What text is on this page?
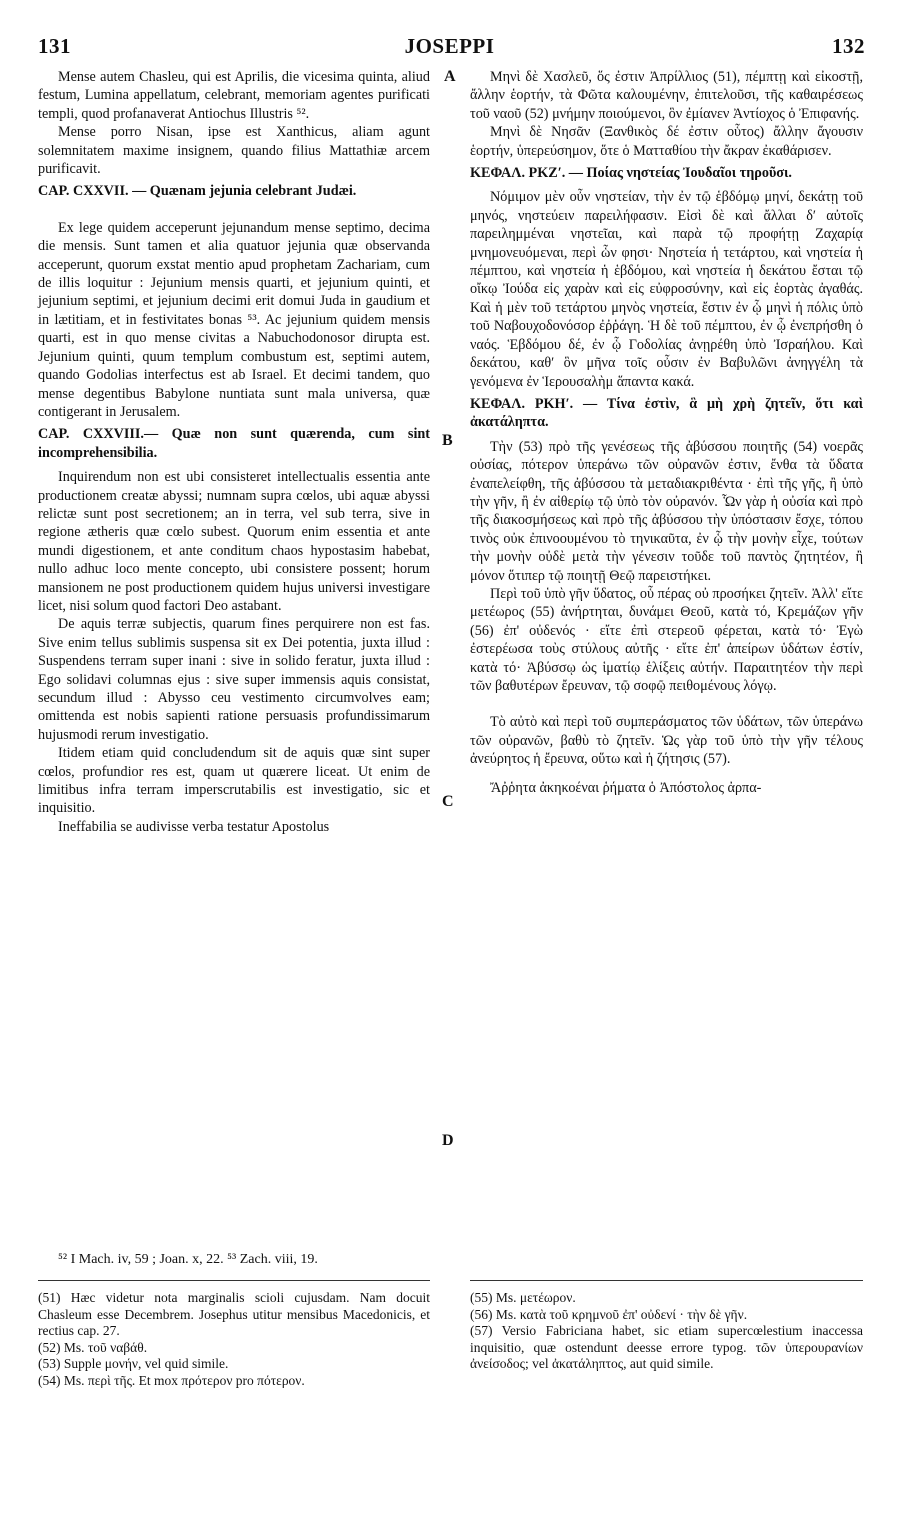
131	JOSEPPI	132
A
B
C
D

Mense autem Chasleu, qui est Aprilis, die vicesima quinta, aliud festum, Lumina appellatum, celebrant, memoriam agentes purificati templi, quod profanaverat Antiochus Illustris ⁵².

Mense porro Nisan, ipse est Xanthicus, aliam agunt solemnitatem maxime insignem, quando filius Mattathiæ arcem purificavit.

CAP. CXXVII. — Quænam jejunia celebrant Judæi.

Ex lege quidem acceperunt jejunandum mense septimo, decima die mensis. Sunt tamen et alia quatuor jejunia quæ observanda acceperunt, quorum exstat mentio apud prophetam Zachariam, cum de illis loquitur : Jejunium mensis quarti, et jejunium quinti, et jejunium septimi, et jejunium decimi erit domui Juda in gaudium et in lætitiam, et in festivitates bonas ⁵³. Ac jejunium quidem mensis quarti, est in quo mense civitas a Nabuchodonosor dirupta est. Jejunium quinti, quum templum combustum est, septimi autem, quando Godolias interfectus est ab Israel. Et decimi tandem, quo mense degentibus Babylone nuntiata sunt mala universa, quæ contigerant in Jerusalem.

CAP. CXXVIII.— Quæ non sunt quærenda, cum sint incomprehensibilia.

Inquirendum non est ubi consisteret intellectualis essentia ante productionem creatæ abyssi; numnam supra cœlos, ubi aquæ abyssi relictæ sunt post secretionem; an in terra, vel sub terra, sive in regione ætheris quæ cœlo subest. Quorum enim essentia et ante mundi digestionem, et ante conditum chaos hypostasim habebat, nullo adhuc loco mente concepto, ubi consistere possent; horum mansionem ne post productionem quidem hujus universi investigare licet, nisi solum quod factori Deo astabant.

De aquis terræ subjectis, quarum fines perquirere non est fas. Sive enim tellus sublimis suspensa sit ex Dei potentia, juxta illud : Suspendens terram super inani : sive in solido feratur, juxta illud : Ego solidavi columnas ejus : sive super immensis aquis consistat, secundum illud : Abysso ceu vestimento circumvolves eam; omittenda est nobis sapienti ratione persuasis profundissimarum hujusmodi rerum investigatio.

Itidem etiam quid concludendum sit de aquis quæ sint super cœlos, profundior res est, quam ut quærere liceat. Ut enim de limitibus infra terram imperscrutabilis est investigatio, sic et inquisitio.

Ineffabilia se audivisse verba testatur Apostolus

⁵² I Mach. iv, 59 ; Joan. x, 22. ⁵³ Zach. viii, 19.

(51) Hæc videtur nota marginalis scioli cujusdam. Nam docuit Chasleum esse Decembrem. Josephus utitur mensibus Macedonicis, et rectius cap. 27.

(52) Ms. τοῦ ναβάθ.

(53) Supple μονήν, vel quid simile.

(54) Ms. περὶ τῆς. Et mox πρότερον pro πότερον.

Μηνὶ δὲ Χασλεῦ, ὅς ἐστιν Ἀπρίλλιος (51), πέμπτῃ καὶ εἰκοστῇ, ἄλλην ἑορτήν, τὰ Φῶτα καλουμένην, ἐπιτελοῦσι, τῆς καθαιρέσεως τοῦ ναοῦ (52) μνήμην ποιούμενοι, ὃν ἐμίανεν Ἀντίοχος ὁ Ἐπιφανής.

Μηνὶ δὲ Νησᾶν (Ξανθικὸς δέ ἐστιν οὗτος) ἄλλην ἄγουσιν ἑορτήν, ὑπερεύσημον, ὅτε ὁ Ματταθίου τὴν ἄκραν ἐκαθάρισεν.

ΚΕΦΑΛ. ΡΚΖʹ. — Ποίας νηστείας Ἰουδαῖοι τηροῦσι.

Νόμιμον μὲν οὖν νηστείαν, τὴν ἐν τῷ ἑβδόμῳ μηνί, δεκάτῃ τοῦ μηνός, νηστεύειν παρειλήφασιν. Εἰσὶ δὲ καὶ ἄλλαι δʹ αὐτοῖς παρειλημμέναι νηστεῖαι, καὶ παρὰ τῷ προφήτῃ Ζαχαρίᾳ μνημονευόμεναι, περὶ ὧν φησι· Νηστεία ἡ τετάρτου, καὶ νηστεία ἡ πέμπτου, καὶ νηστεία ἡ ἑβδόμου, καὶ νηστεία ἡ δεκάτου ἔσται τῷ οἴκῳ Ἰούδα εἰς χαρὰν καὶ εἰς εὐφροσύνην, καὶ εἰς ἑορτὰς ἀγαθάς. Καὶ ἡ μὲν τοῦ τετάρτου μηνὸς νηστεία, ἔστιν ἐν ᾧ μηνὶ ἡ πόλις ὑπὸ τοῦ Ναβουχοδονόσορ ἐῤῥάγη. Ἡ δὲ τοῦ πέμπτου, ἐν ᾧ ἐνεπρήσθη ὁ ναός. Ἑβδόμου δέ, ἐν ᾧ Γοδολίας ἀνῃρέθη ὑπὸ Ἰσραήλου. Καὶ δεκάτου, καθʹ ὃν μῆνα τοῖς οὖσιν ἐν Βαβυλῶνι ἀνηγγέλη τὰ γενόμενα ἐν Ἱερουσαλὴμ ἅπαντα κακά.

ΚΕΦΑΛ. ΡΚΗʹ. — Τίνα ἐστὶν, ἃ μὴ χρὴ ζητεῖν, ὅτι καὶ ἀκατάληπτα.

Τὴν (53) πρὸ τῆς γενέσεως τῆς ἀβύσσου ποιητῆς (54) νοερᾶς οὐσίας, πότερον ὑπεράνω τῶν οὐρανῶν ἐστιν, ἔνθα τὰ ὕδατα ἐναπελείφθη, τῆς ἀβύσσου τὰ μεταδιακριθέντα · ἐπὶ τῆς γῆς, ἢ ὑπὸ τὴν γῆν, ἢ ἐν αἰθερίῳ τῷ ὑπὸ τὸν οὐρανόν. Ὧν γὰρ ἡ οὐσία καὶ πρὸ τῆς διακοσμήσεως καὶ πρὸ τῆς ἀβύσσου τὴν ὑπόστασιν ἔσχε, τόπου τινὸς οὐκ ἐπινοουμένου τὸ τηνικαῦτα, ἐν ᾧ τὴν μονὴν εἶχε, τούτων τὴν μονὴν οὐδὲ μετὰ τὴν γένεσιν τοῦδε τοῦ παντὸς ζητητέον, ἢ μόνον ὅτιπερ τῷ ποιητῇ Θεῷ παρειστήκει.

Περὶ τοῦ ὑπὸ γῆν ὕδατος, οὗ πέρας οὐ προσήκει ζητεῖν. Ἀλλ' εἴτε μετέωρος (55) ἀνήρτηται, δυνάμει Θεοῦ, κατὰ τό, Κρεμάζων γῆν (56) ἐπ' οὐδενός · εἴτε ἐπὶ στερεοῦ φέρεται, κατὰ τό· Ἐγὼ ἐστερέωσα τοὺς στύλους αὐτῆς · εἴτε ἐπ' ἀπείρων ὑδάτων ἐστίν, κατὰ τό· Ἀβύσσῳ ὡς ἱματίῳ ἑλίξεις αὐτήν. Παραιτητέον τὴν περὶ τῶν βαθυτέρων ἔρευναν, τῷ σοφῷ πειθομένους λόγῳ.

Τὸ αὐτὸ καὶ περὶ τοῦ συμπεράσματος τῶν ὑδάτων, τῶν ὑπεράνω τῶν οὐρανῶν, βαθὺ τὸ ζητεῖν. Ὡς γὰρ τοῦ ὑπὸ τὴν γῆν τέλους ἀνεύρητος ἡ ἔρευνα, οὕτω καὶ ἡ ζήτησις (57).

Ἄῤῥητα ἀκηκοέναι ῥήματα ὁ Ἀπόστολος ἀρπα-

(55) Ms. μετέωρον.

(56) Ms. κατὰ τοῦ κρημνοῦ ἐπ' οὐδενί · τὴν δὲ γῆν.

(57) Versio Fabriciana habet, sic etiam supercœlestium inaccessa inquisitio, quæ ostendunt deesse errore typog. τῶν ὑπερουρανίων ἀνείσοδος; vel ἀκατάληπτος, aut quid simile.
